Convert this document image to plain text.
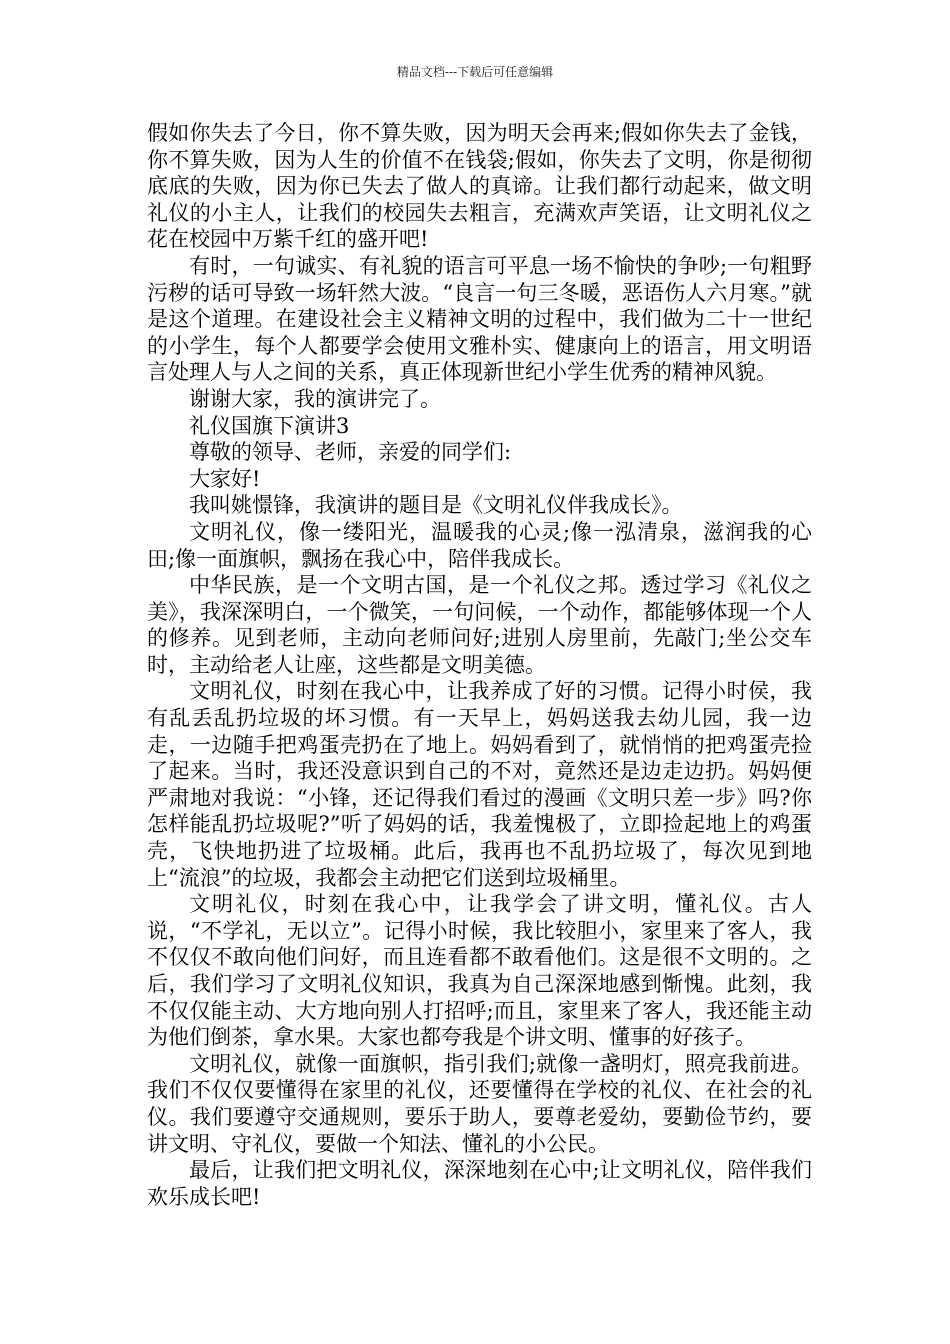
精品文档---下载后可任意编辑

假如你失去了今日，你不算失败，因为明天会再来;假如你失去了金钱，你不算失败，因为人生的价值不在钱袋;假如，你失去了文明，你是彻彻底底的失败，因为你已失去了做人的真谛。让我们都行动起来，做文明礼仪的小主人，让我们的校园失去粗言，充满欢声笑语，让文明礼仪之花在校园中万紫千红的盛开吧!

有时，一句诚实、有礼貌的语言可平息一场不愉快的争吵;一句粗野污秽的话可导致一场轩然大波。“良言一句三冬暖，恶语伤人六月寒。”就是这个道理。在建设社会主义精神文明的过程中，我们做为二十一世纪的小学生，每个人都要学会使用文雅朴实、健康向上的语言，用文明语言处理人与人之间的关系，真正体现新世纪小学生优秀的精神风貌。

谢谢大家，我的演讲完了。

礼仪国旗下演讲3

尊敬的领导、老师，亲爱的同学们:

大家好!

我叫姚憬锋，我演讲的题目是《文明礼仪伴我成长》。

文明礼仪，像一缕阳光，温暖我的心灵;像一泓清泉，滋润我的心田;像一面旗帜，飘扬在我心中，陪伴我成长。

中华民族，是一个文明古国，是一个礼仪之邦。透过学习《礼仪之美》，我深深明白，一个微笑，一句问候，一个动作，都能够体现一个人的修养。见到老师，主动向老师问好;进别人房里前，先敲门;坐公交车时，主动给老人让座，这些都是文明美德。

文明礼仪，时刻在我心中，让我养成了好的习惯。记得小时侯，我有乱丢乱扔垃圾的坏习惯。有一天早上，妈妈送我去幼儿园，我一边走，一边随手把鸡蛋壳扔在了地上。妈妈看到了，就悄悄的把鸡蛋壳捡了起来。当时，我还没意识到自己的不对，竟然还是边走边扔。妈妈便严肃地对我说：“小锋，还记得我们看过的漫画《文明只差一步》吗?你怎样能乱扔垃圾呢?”听了妈妈的话，我羞愧极了，立即捡起地上的鸡蛋壳，飞快地扔进了垃圾桶。此后，我再也不乱扔垃圾了，每次见到地上“流浪”的垃圾，我都会主动把它们送到垃圾桶里。

文明礼仪，时刻在我心中，让我学会了讲文明，懂礼仪。古人说，“不学礼，无以立”。记得小时候，我比较胆小，家里来了客人，我不仅仅不敢向他们问好，而且连看都不敢看他们。这是很不文明的。之后，我们学习了文明礼仪知识，我真为自己深深地感到惭愧。此刻，我不仅仅能主动、大方地向别人打招呼;而且，家里来了客人，我还能主动为他们倒茶，拿水果。大家也都夸我是个讲文明、懂事的好孩子。

文明礼仪，就像一面旗帜，指引我们;就像一盏明灯，照亮我前进。我们不仅仅要懂得在家里的礼仪，还要懂得在学校的礼仪、在社会的礼仪。我们要遵守交通规则，要乐于助人，要尊老爱幼，要勤俭节约，要讲文明、守礼仪，要做一个知法、懂礼的小公民。

最后，让我们把文明礼仪，深深地刻在心中;让文明礼仪，陪伴我们欢乐成长吧!
